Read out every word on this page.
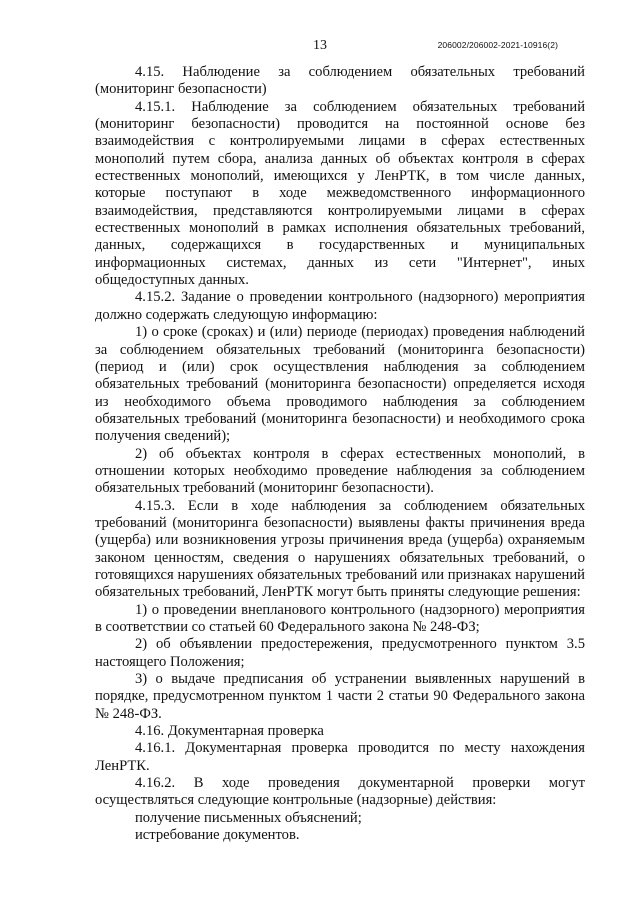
13	206002/206002-2021-10916(2)

4.15. Наблюдение за соблюдением обязательных требований (мониторинг безопасности)

4.15.1. Наблюдение за соблюдением обязательных требований (мониторинг безопасности) проводится на постоянной основе без взаимодействия с контролируемыми лицами в сферах естественных монополий путем сбора, анализа данных об объектах контроля в сферах естественных монополий, имеющихся у ЛенРТК, в том числе данных, которые поступают в ходе межведомственного информационного взаимодействия, представляются контролируемыми лицами в сферах естественных монополий в рамках исполнения обязательных требований, данных, содержащихся в государственных и муниципальных информационных системах, данных из сети "Интернет", иных общедоступных данных.

4.15.2. Задание о проведении контрольного (надзорного) мероприятия должно содержать следующую информацию:

1) о сроке (сроках) и (или) периоде (периодах) проведения наблюдений за соблюдением обязательных требований (мониторинга безопасности) (период и (или) срок осуществления наблюдения за соблюдением обязательных требований (мониторинга безопасности) определяется исходя из необходимого объема проводимого наблюдения за соблюдением обязательных требований (мониторинга безопасности) и необходимого срока получения сведений);

2) об объектах контроля в сферах естественных монополий, в отношении которых необходимо проведение наблюдения за соблюдением обязательных требований (мониторинг безопасности).

4.15.3. Если в ходе наблюдения за соблюдением обязательных требований (мониторинга безопасности) выявлены факты причинения вреда (ущерба) или возникновения угрозы причинения вреда (ущерба) охраняемым законом ценностям, сведения о нарушениях обязательных требований, о готовящихся нарушениях обязательных требований или признаках нарушений обязательных требований, ЛенРТК могут быть приняты следующие решения:

1) о проведении внепланового контрольного (надзорного) мероприятия в соответствии со статьей 60 Федерального закона № 248-ФЗ;

2) об объявлении предостережения, предусмотренного пунктом 3.5 настоящего Положения;

3) о выдаче предписания об устранении выявленных нарушений в порядке, предусмотренном пунктом 1 части 2 статьи 90 Федерального закона № 248-ФЗ.

4.16. Документарная проверка

4.16.1. Документарная проверка проводится по месту нахождения ЛенРТК.

4.16.2. В ходе проведения документарной проверки могут осуществляться следующие контрольные (надзорные) действия:

получение письменных объяснений;

истребование документов.
